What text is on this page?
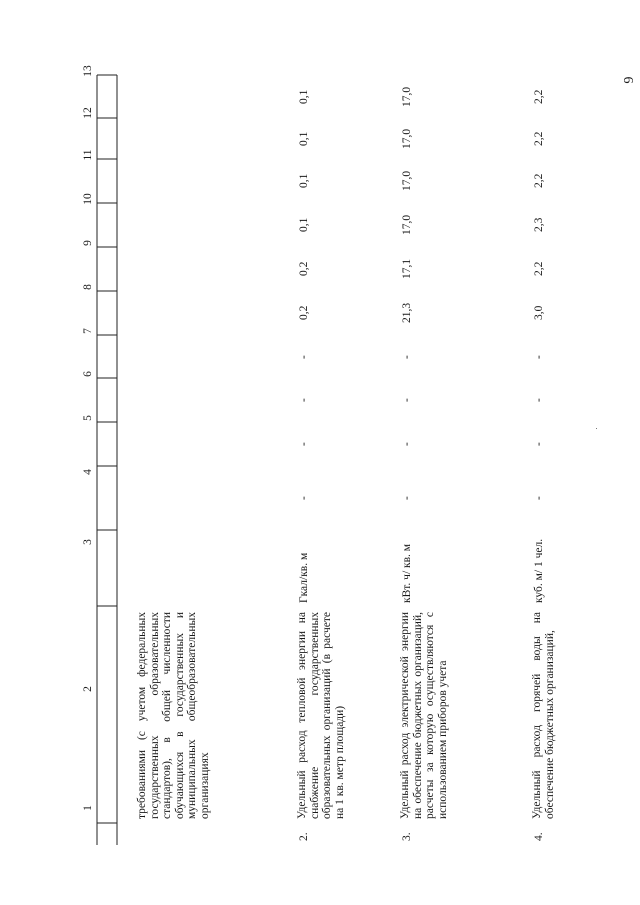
6
13
12
11
10
9
8
7
6
5
4
3
2
1	требованиями (с учетом федеральных государственных образовательных стандартов), в общей численности обучающихся в государственных и муниципальных общеобразовательных организациях
2.
Удельный расход тепловой энергии на снабжение государственных образовательных организаций (в расчете на 1 кв. метр площади)
Гкал/кв. м
-
-
-
-
0,2
0,2
0,1
0,1
0,1
0,1
3.
Удельный расход электрической энергии на обеспечение бюджетных организаций, расчеты за которую осуществляются с использованием приборов учета
кВт. ч/ кв. м
-
-
-
-
21,3
17,1
17,0
17,0
17,0
17,0
4.
Удельный расход горячей воды на обеспечение бюджетных организаций,
куб. м/ 1 чел.
-
-
-
-
3,0
2,2
2,3
2,2
2,2
2,2
